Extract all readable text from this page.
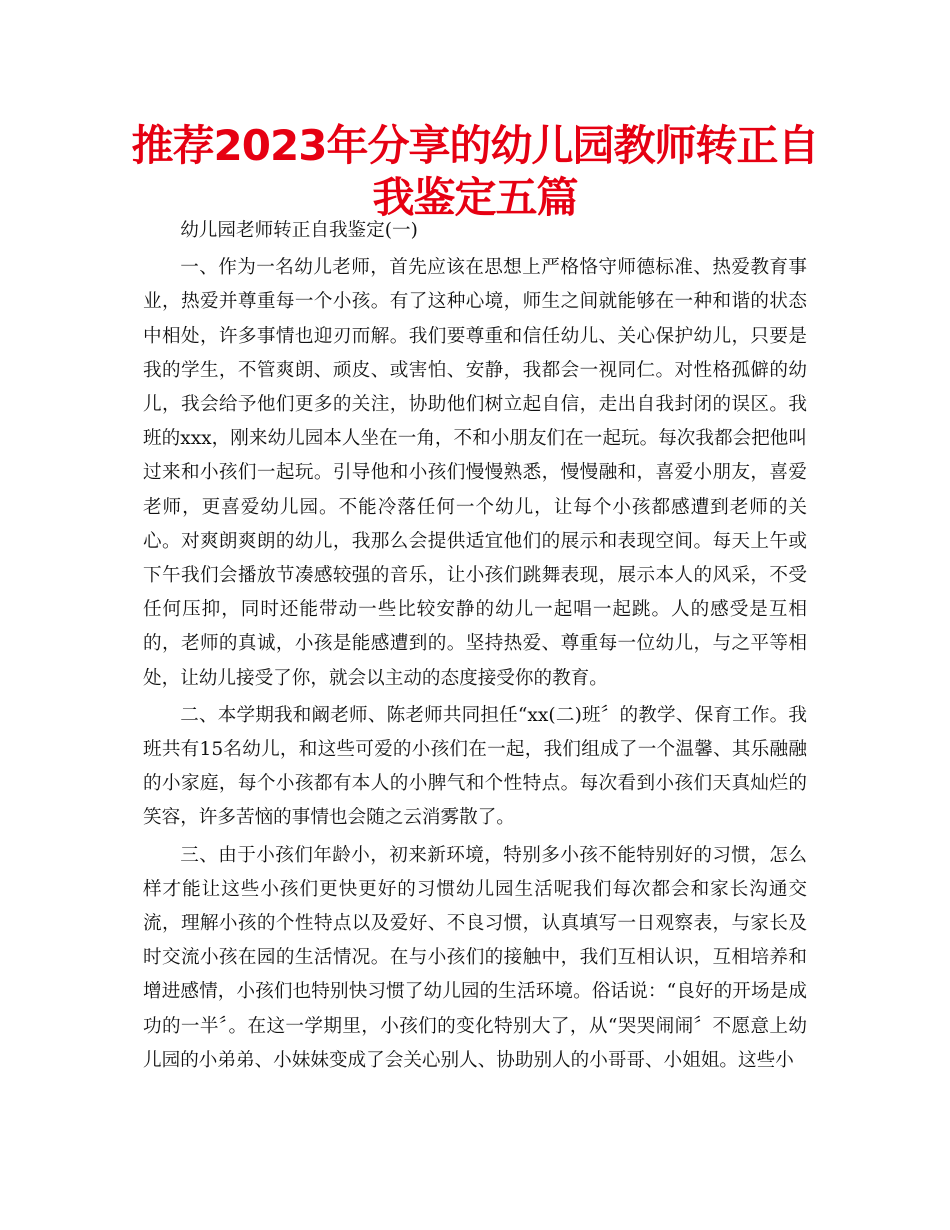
推荐2023年分享的幼儿园教师转正自我鉴定五篇

幼儿园老师转正自我鉴定(一)

一、作为一名幼儿老师，首先应该在思想上严格恪守师德标准、热爱教育事业，热爱并尊重每一个小孩。有了这种心境，师生之间就能够在一种和谐的状态中相处，许多事情也迎刃而解。我们要尊重和信任幼儿、关心保护幼儿，只要是我的学生，不管爽朗、顽皮、或害怕、安静，我都会一视同仁。对性格孤僻的幼儿，我会给予他们更多的关注，协助他们树立起自信，走出自我封闭的误区。我班的xxx，刚来幼儿园本人坐在一角，不和小朋友们在一起玩。每次我都会把他叫过来和小孩们一起玩。引导他和小孩们慢慢熟悉，慢慢融和，喜爱小朋友，喜爱老师，更喜爱幼儿园。不能冷落任何一个幼儿，让每个小孩都感遭到老师的关心。对爽朗爽朗的幼儿，我那么会提供适宜他们的展示和表现空间。每天上午或下午我们会播放节凑感较强的音乐，让小孩们跳舞表现，展示本人的风采，不受任何压抑，同时还能带动一些比较安静的幼儿一起唱一起跳。人的感受是互相的，老师的真诚，小孩是能感遭到的。坚持热爱、尊重每一位幼儿，与之平等相处，让幼儿接受了你，就会以主动的态度接受你的教育。

二、本学期我和阚老师、陈老师共同担任“xx(二)班〞的教学、保育工作。我班共有15名幼儿，和这些可爱的小孩们在一起，我们组成了一个温馨、其乐融融的小家庭，每个小孩都有本人的小脾气和个性特点。每次看到小孩们天真灿烂的笑容，许多苦恼的事情也会随之云消雾散了。

三、由于小孩们年龄小，初来新环境，特别多小孩不能特别好的习惯，怎么样才能让这些小孩们更快更好的习惯幼儿园生活呢我们每次都会和家长沟通交流，理解小孩的个性特点以及爱好、不良习惯，认真填写一日观察表，与家长及时交流小孩在园的生活情况。在与小孩们的接触中，我们互相认识，互相培养和增进感情，小孩们也特别快习惯了幼儿园的生活环境。俗话说：“良好的开场是成功的一半〞。在这一学期里，小孩们的变化特别大了，从“哭哭闹闹〞不愿意上幼儿园的小弟弟、小妹妹变成了会关心别人、协助别人的小哥哥、小姐姐。这些小
